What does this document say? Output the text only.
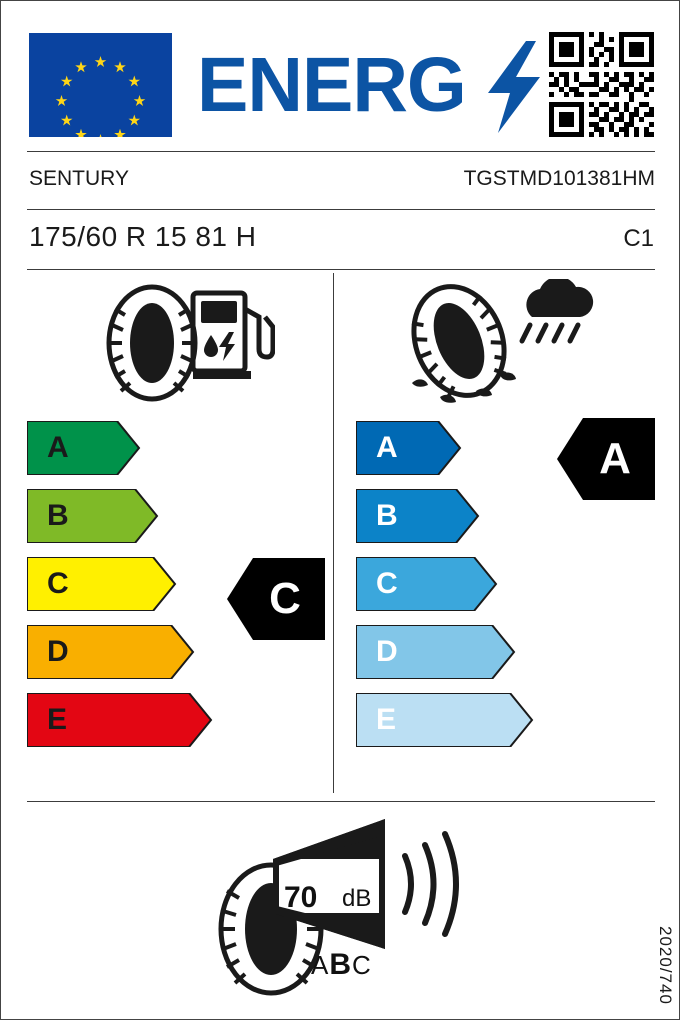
ENERG
SENTURY	TGSTMD101381HM
175/60 R 15 81 H	C1
A
B
C
D
E
C
A
B
C
D
E
A
70 dB
ABC	2020/740
